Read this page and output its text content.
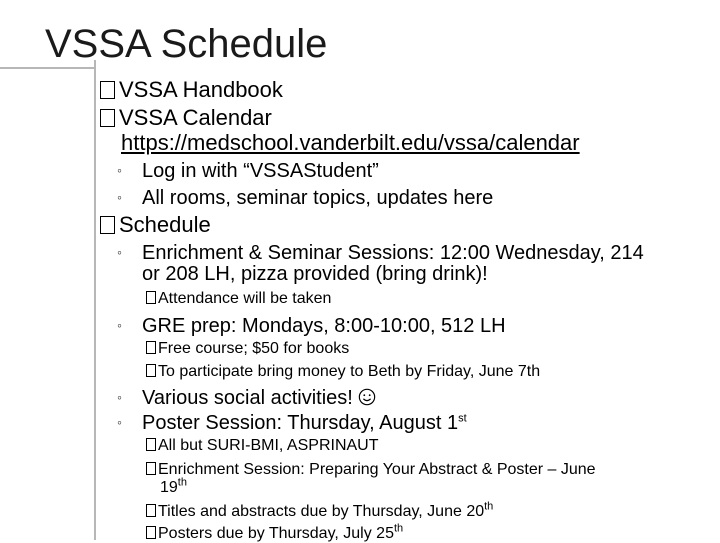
VSSA Schedule
VSSA Handbook
VSSA Calendar
https://medschool.vanderbilt.edu/vssa/calendar
◦ Log in with “VSSAStudent”
◦ All rooms, seminar topics, updates here
Schedule
◦ Enrichment & Seminar Sessions: 12:00 Wednesday, 214
or 208 LH, pizza provided (bring drink)!
Attendance will be taken
◦ GRE prep: Mondays, 8:00-10:00, 512 LH
Free course; $50 for books
To participate bring money to Beth by Friday, June 7th
◦ Various social activities!
◦ Poster Session: Thursday, August 1st
All but SURI-BMI, ASPRINAUT
Enrichment Session: Preparing Your Abstract & Poster – June
19th
Titles and abstracts due by Thursday, June 20th
Posters due by Thursday, July 25th
